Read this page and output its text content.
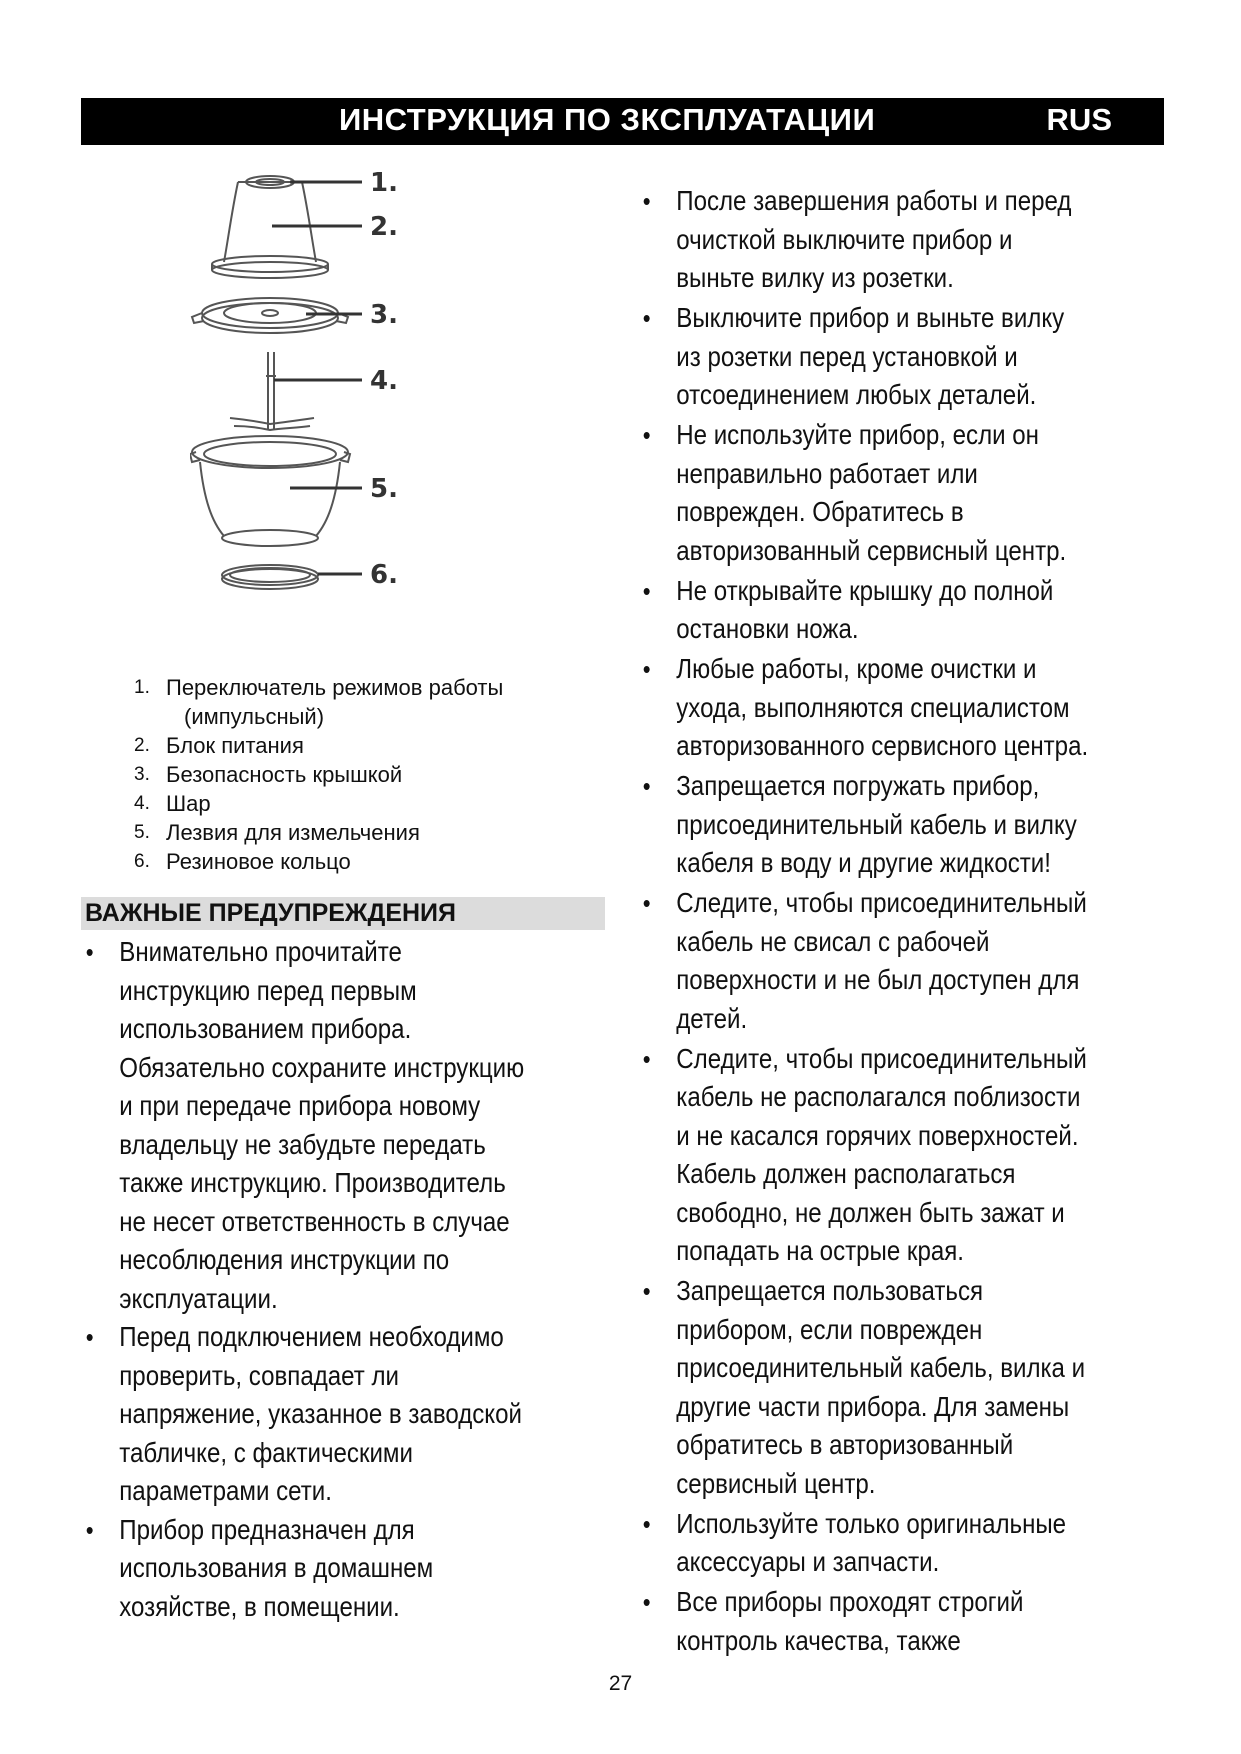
ИНСТРУКЦИЯ ПО ЗКСПЛУАТАЦИИ	RUS
1.
2.
3.
4.
5.
6.
1. Переключатель режимов работы
(импульсный)
2. Блок питания
3. Безопасность крышкой
4. Шар
5. Лезвия для измельчения
6. Резиновое кольцо
ВАЖНЫЕ ПРЕДУПРЕЖДЕНИЯ
• Внимательно прочитайте
инструкцию перед первым
использованием прибора.
Обязательно сохраните инструкцию
и при передаче прибора новому
владельцу не забудьте передать
также инструкцию. Производитель
не несет ответственность в случае
несоблюдения инструкции по
эксплуатации.
• Перед подключением необходимо
проверить, совпадает ли
напряжение, указанное в заводской
табличке, с фактическими
параметрами сети.
• Прибор предназначен для
использования в домашнем
хозяйстве, в помещении.
• После завершения работы и перед
очисткой выключите прибор и
выньте вилку из розетки.
• Выключите прибор и выньте вилку
из розетки перед установкой и
отсоединением любых деталей.
• Не используйте прибор, если он
неправильно работает или
поврежден. Обратитесь в
авторизованный сервисный центр.
• Не открывайте крышку до полной
остановки ножа.
• Любые работы, кроме очистки и
ухода, выполняются специалистом
авторизованного сервисного центра.
• Запрещается погружать прибор,
присоединительный кабель и вилку
кабеля в воду и другие жидкости!
• Следите, чтобы присоединительный
кабель не свисал с рабочей
поверхности и не был доступен для
детей.
• Следите, чтобы присоединительный
кабель не располагался поблизости
и не касался горячих поверхностей.
Кабель должен располагаться
свободно, не должен быть зажат и
попадать на острые края.
• Запрещается пользоваться
прибором, если поврежден
присоединительный кабель, вилка и
другие части прибора. Для замены
обратитесь в авторизованный
сервисный центр.
• Используйте только оригинальные
аксессуары и запчасти.
• Все приборы проходят строгий
контроль качества, также
27
